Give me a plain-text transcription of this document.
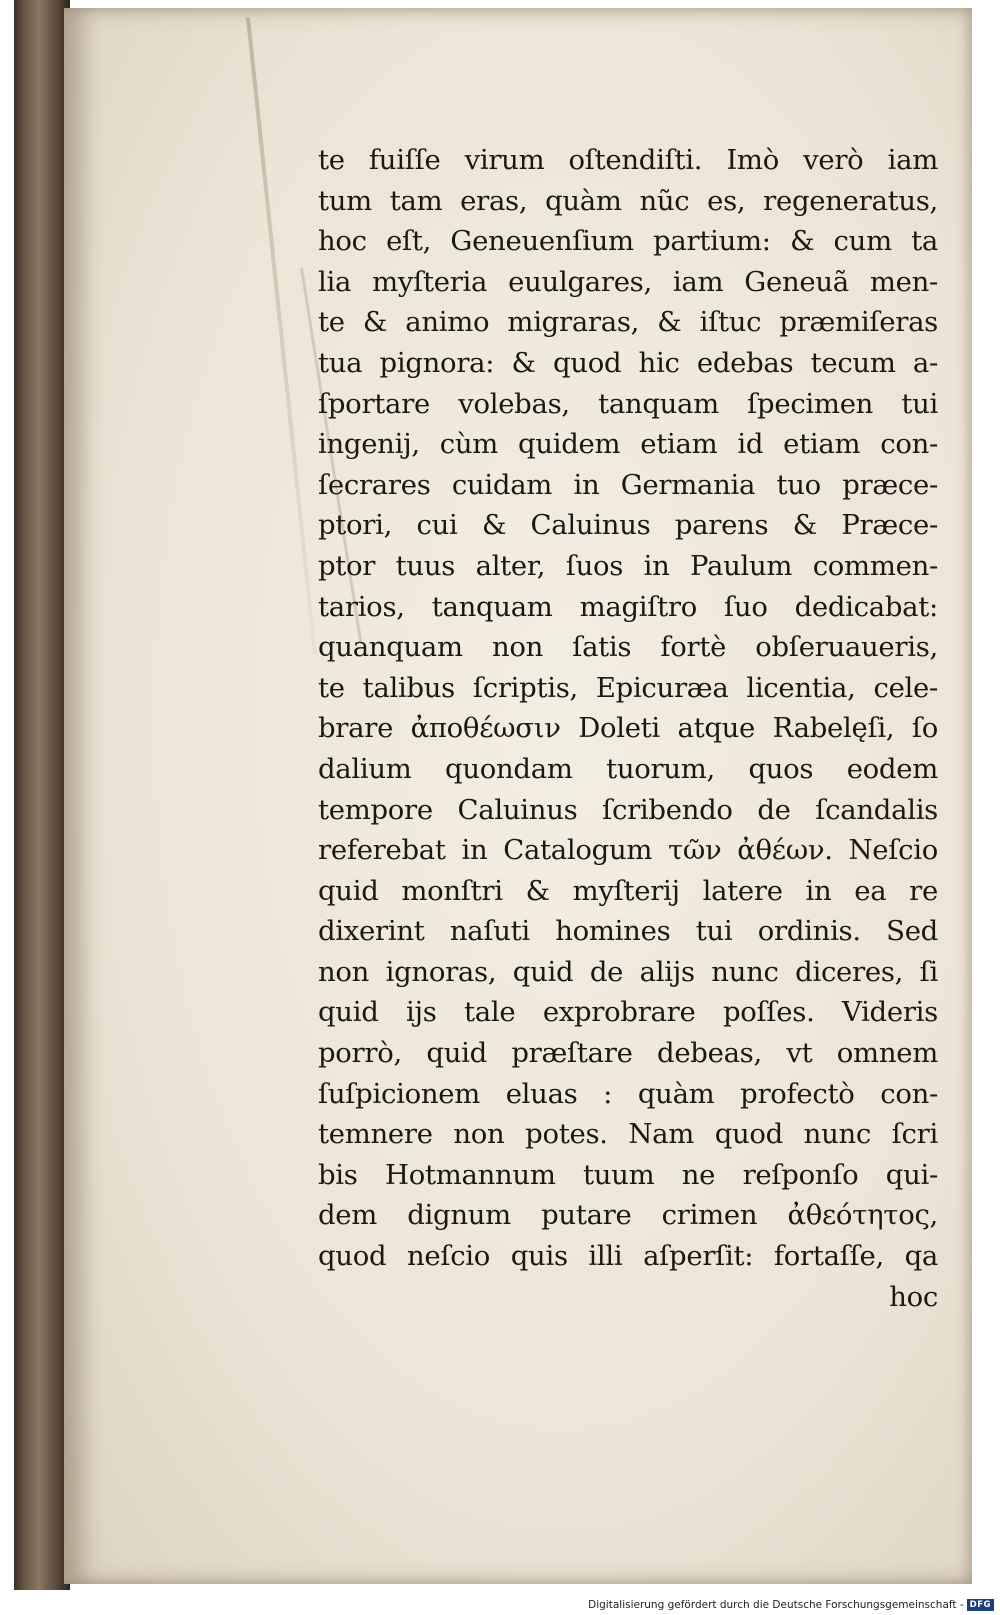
te fuiſſe virum oſtendiſti. Imò verò iam
tum tam eras, quàm nũc es, regeneratus,
hoc eſt, Geneuenſium partium: & cum ta
lia myſteria euulgares, iam Geneuã men-
te & animo migraras, & iſtuc præmiſeras
tua pignora: & quod hic edebas tecum a-
ſportare volebas, tanquam ſpecimen tui
ingenij, cùm quidem etiam id etiam con-
ſecrares cuidam in Germania tuo præce-
ptori, cui & Caluinus parens & Præce-
ptor tuus alter, ſuos in Paulum commen-
tarios, tanquam magiſtro ſuo dedicabat:
quanquam non ſatis fortè obſeruaueris,
te talibus ſcriptis, Epicuræa licentia, cele-
brare ἀποθέωσιν Doleti atque Rabelęſi, ſo
dalium quondam tuorum, quos eodem
tempore Caluinus ſcribendo de ſcandalis
referebat in Catalogum τῶν ἀθέων. Neſcio
quid monſtri & myſterij latere in ea re
dixerint naſuti homines tui ordinis. Sed
non ignoras, quid de alijs nunc diceres, ſi
quid ijs tale exprobrare poſſes. Videris
porrò, quid præſtare debeas, vt omnem
ſuſpicionem eluas : quàm profectò con-
temnere non potes. Nam quod nunc ſcri
bis Hotmannum tuum ne reſponſo qui-
dem dignum putare crimen ἀθεότητος,
quod neſcio quis illi aſperſit: fortaſſe, qa
hoc
Digitalisierung gefördert durch die Deutsche Forschungsgemeinschaft - DFG
